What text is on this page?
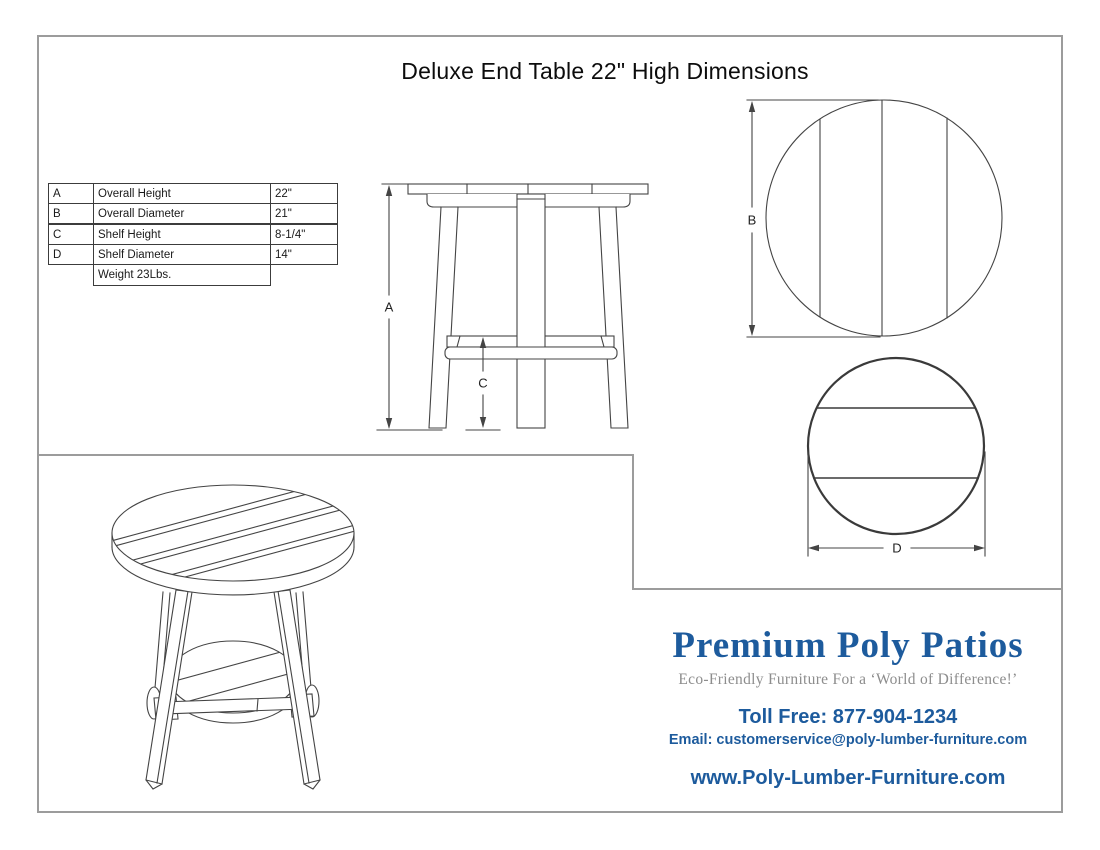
Deluxe End Table 22" High Dimensions
A	Overall Height	22"
B	Overall Diameter	21"
C	Shelf Height	8-1/4"
D	Shelf Diameter	14"
	Weight 23Lbs.	
A
C
B
D
Premium Poly Patios
Eco-Friendly Furniture For a ‘World of Difference!’
Toll Free: 877-904-1234
Email: customerservice@poly-lumber-furniture.com
www.Poly-Lumber-Furniture.com
